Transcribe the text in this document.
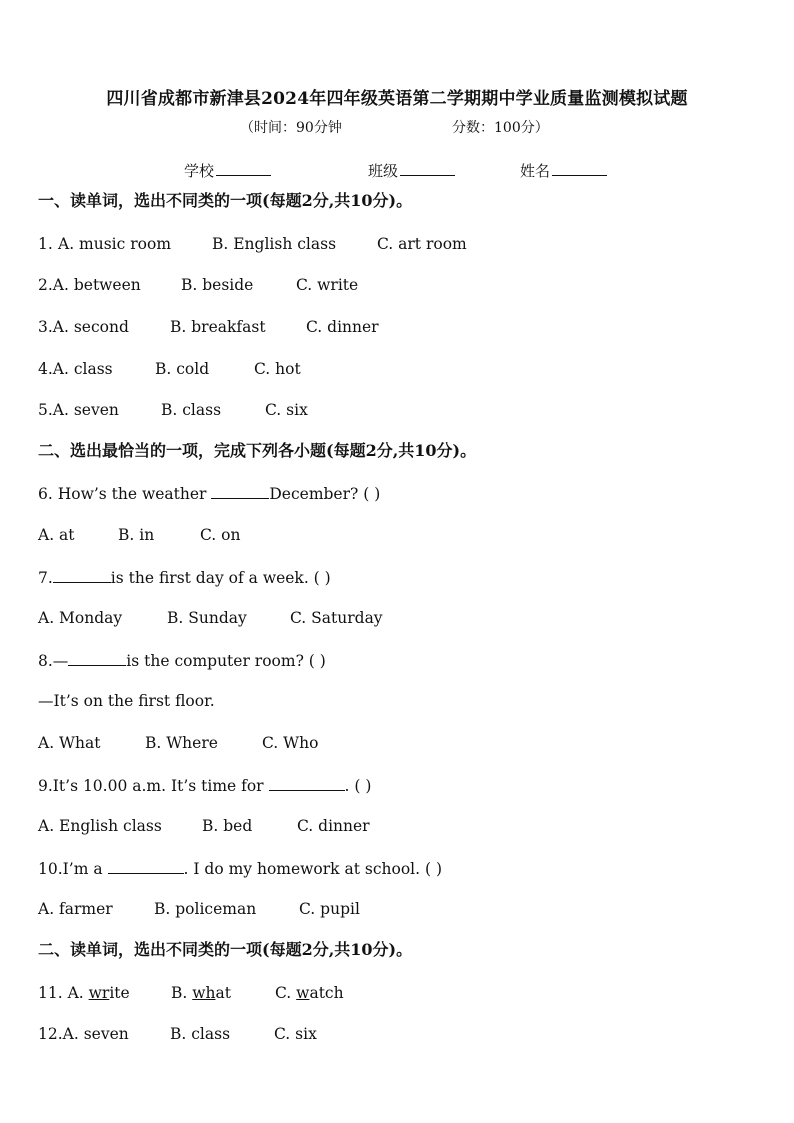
四川省成都市新津县2024年四年级英语第二学期期中学业质量监测模拟试题
（时间：90分钟	分数：100分）
学校	班级	姓名
一、读单词，选出不同类的一项(每题2分,共10分)。
1. A. music room	B. English class	C. art room
2.A. between	B. beside	C. write
3.A. second	B. breakfast	C. dinner
4.A. class	B. cold	C. hot
5.A. seven	B. class	C. six
二、选出最恰当的一项，完成下列各小题(每题2分,共10分)。
6. How’s the weather	December? ( )
A. at	B. in	C. on
7.	is the first day of a week. ( )
A. Monday	B. Sunday	C. Saturday
8.—	is the computer room? ( )
—It’s on the first floor.
A. What	B. Where	C. Who
9.It’s 10.00 a.m. It’s time for	. ( )
A. English class	B. bed	C. dinner
10.I’m a	. I do my homework at school. ( )
A. farmer	B. policeman	C. pupil
二、读单词，选出不同类的一项(每题2分,共10分)。
11. A. write	B. what	C. watch
12.A. seven	B. class	C. six
